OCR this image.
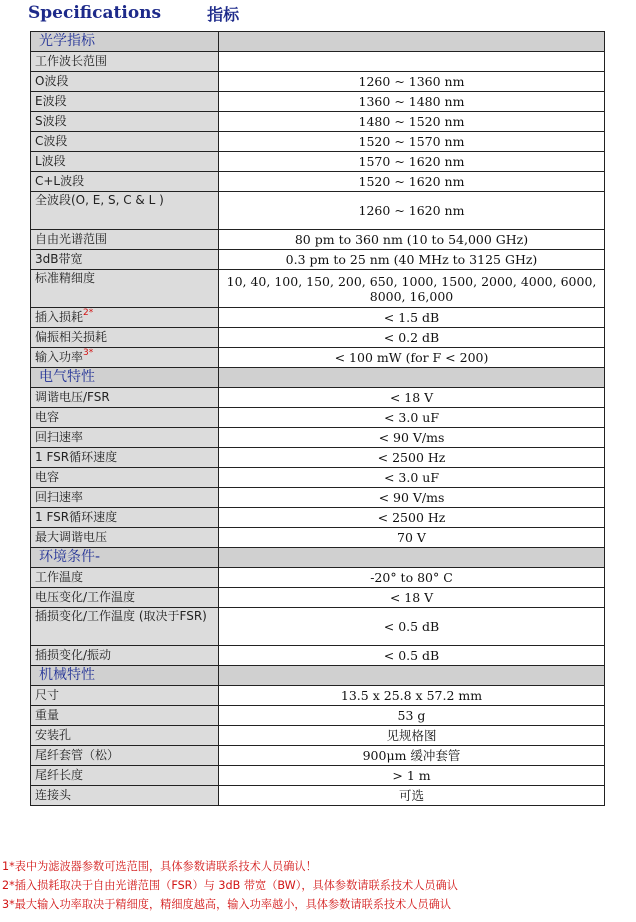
Specifications	指标
光学指标	
工作波长范围	
O波段	1260 ~ 1360 nm
E波段	1360 ~ 1480 nm
S波段	1480 ~ 1520 nm
C波段	1520 ~ 1570 nm
L波段	1570 ~ 1620 nm
C+L波段	1520 ~ 1620 nm
全波段(O, E, S, C & L )	1260 ~ 1620 nm
自由光谱范围	80 pm to 360 nm (10 to 54,000 GHz)
3dB带宽	0.3 pm to 25 nm (40 MHz to 3125 GHz)
标准精细度	10, 40, 100, 150, 200, 650, 1000, 1500, 2000, 4000, 6000, 8000, 16,000
插入损耗$^{2*}$	< 1.5 dB
偏振相关损耗	< 0.2 dB
输入功率$^{3*}$	< 100 mW (for F < 200)
电气特性	
调谐电压/FSR	< 18 V
电容	< 3.0 uF
回扫速率	< 90 V/ms
1 FSR循环速度	< 2500 Hz
电容	< 3.0 uF
回扫速率	< 90 V/ms
1 FSR循环速度	< 2500 Hz
最大调谐电压	70 V
环境条件-	
工作温度	-20° to 80° C
电压变化/工作温度	< 18 V
插损变化/工作温度 (取决于FSR)	< 0.5 dB
插损变化/振动	< 0.5 dB
机械特性	
尺寸	13.5 x 25.8 x 57.2 mm
重量	53 g
安装孔	见规格图
尾纤套管（松）	900μm 缓冲套管
尾纤长度	> 1 m
连接头	可选
1*表中为滤波器参数可选范围，具体参数请联系技术人员确认！
2*插入损耗取决于自由光谱范围（FSR）与 3dB 带宽（BW），具体参数请联系技术人员确认
3*最大输入功率取决于精细度，精细度越高，输入功率越小，具体参数请联系技术人员确认
